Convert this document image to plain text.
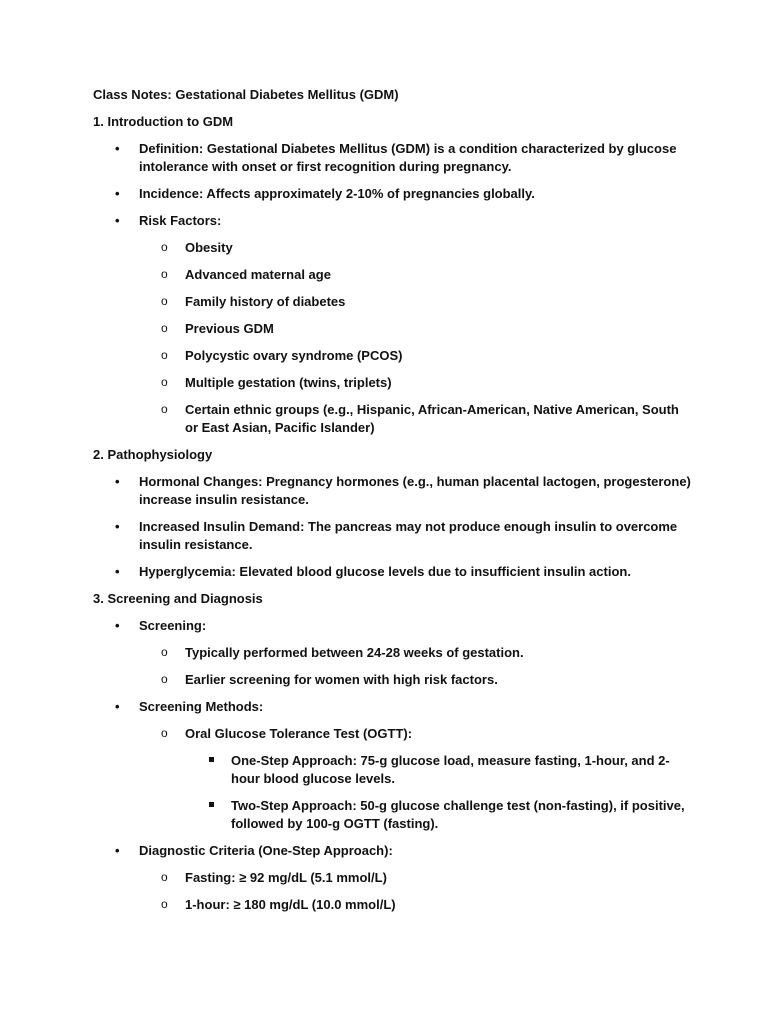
Class Notes: Gestational Diabetes Mellitus (GDM)
1. Introduction to GDM
• Definition: Gestational Diabetes Mellitus (GDM) is a condition characterized by glucose intolerance with onset or first recognition during pregnancy.
• Incidence: Affects approximately 2-10% of pregnancies globally.
• Risk Factors:
o Obesity
o Advanced maternal age
o Family history of diabetes
o Previous GDM
o Polycystic ovary syndrome (PCOS)
o Multiple gestation (twins, triplets)
o Certain ethnic groups (e.g., Hispanic, African-American, Native American, South or East Asian, Pacific Islander)
2. Pathophysiology
• Hormonal Changes: Pregnancy hormones (e.g., human placental lactogen, progesterone) increase insulin resistance.
• Increased Insulin Demand: The pancreas may not produce enough insulin to overcome insulin resistance.
• Hyperglycemia: Elevated blood glucose levels due to insufficient insulin action.
3. Screening and Diagnosis
• Screening:
o Typically performed between 24-28 weeks of gestation.
o Earlier screening for women with high risk factors.
• Screening Methods:
o Oral Glucose Tolerance Test (OGTT):
One-Step Approach: 75-g glucose load, measure fasting, 1-hour, and 2-hour blood glucose levels.
Two-Step Approach: 50-g glucose challenge test (non-fasting), if positive, followed by 100-g OGTT (fasting).
• Diagnostic Criteria (One-Step Approach):
o Fasting: ≥ 92 mg/dL (5.1 mmol/L)
o 1-hour: ≥ 180 mg/dL (10.0 mmol/L)
